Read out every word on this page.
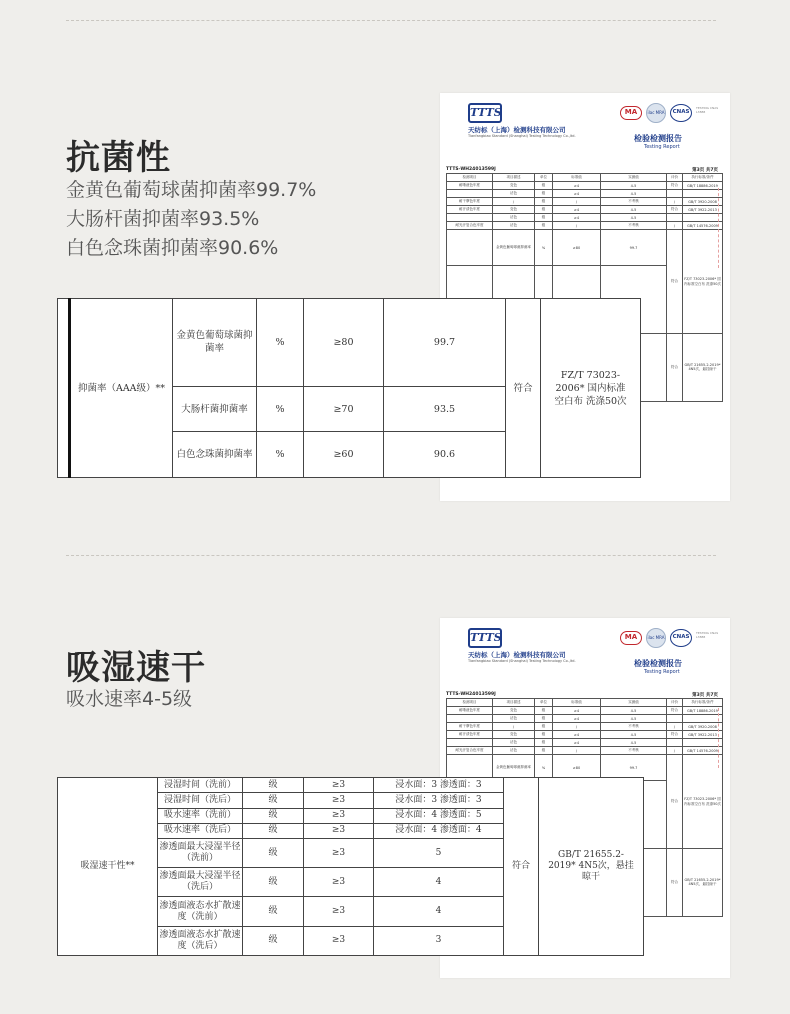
抗菌性
金黄色葡萄球菌抑菌率99.7%
大肠杆菌抑菌率93.5%
白色念珠菌抑菌率90.6%
TTTS
天纺标（上海）检测科技有限公司
Tianfangbiao Standard (Shanghai) Testing Technology Co.,ltd.
MA	ilac MRA	CNAS
TESTING CNAS L3888
检验检测报告
Testing Report
TTTS-WH24013599J	第3页 共7页
检测项目	项目描述	单位	标准值	实测值	评价	执行标准/条件
耐唾液色牢度	变色	级	≥4	4-5	符合	GB/T 18886-2019
	沾色	级	≥4	4-5		
耐干摩色牢度	/	级	/	不考核	/	GB/T 3920-2008
耐汗渍色牢度	变色	级	≥4	4-5	符合	GB/T 3922-2013
	沾色	级	≥4	4-5		
耐光汗复合色牢度	沾色	级	/	不考核	/	GB/T 14576-2009
	金黄色葡萄球菌抑菌率	%	≥80	99.7	符合	FZ/T 73023-2006* 国内标准空白布 洗涤50次

					符合	GB/T 21655.2-2019* 4N5次，悬挂晾干
	抑菌率（AAA级）**	金黄色葡萄球菌抑菌率	%	≥80	99.7	符合	FZ/T 73023-2006* 国内标准空白布 洗涤50次
		大肠杆菌抑菌率	%	≥70	93.5		
		白色念珠菌抑菌率	%	≥60	90.6		
吸湿速干
吸水速率4-5级
TTTS
天纺标（上海）检测科技有限公司
Tianfangbiao Standard (Shanghai) Testing Technology Co.,ltd.
MA	ilac MRA	CNAS
TESTING CNAS L3888
检验检测报告
Testing Report
TTTS-WH24013599J	第3页 共7页
检测项目	项目描述	单位	标准值	实测值	评价	执行标准/条件
耐唾液色牢度	变色	级	≥4	4-5	符合	GB/T 18886-2019
	沾色	级	≥4	4-5		
耐干摩色牢度	/	级	/	不考核	/	GB/T 3920-2008
耐汗渍色牢度	变色	级	≥4	4-5	符合	GB/T 3922-2013
	沾色	级	≥4	4-5		
耐光汗复合色牢度	沾色	级	/	不考核	/	GB/T 14576-2009
	金黄色葡萄球菌抑菌率	%	≥80	99.7	符合	FZ/T 73023-2006* 国内标准空白布 洗涤50次

					符合	GB/T 21655.2-2019* 4N5次，悬挂晾干
吸湿速干性**	浸湿时间（洗前）	级	≥3	浸水面：3 渗透面：3	符合	GB/T 21655.2-2019* 4N5次，悬挂晾干
	浸湿时间（洗后）	级	≥3	浸水面：3 渗透面：3		
	吸水速率（洗前）	级	≥3	浸水面：4 渗透面：5		
	吸水速率（洗后）	级	≥3	浸水面：4 渗透面：4		
	渗透面最大浸湿半径（洗前）	级	≥3	5		
	渗透面最大浸湿半径（洗后）	级	≥3	4		
	渗透面液态水扩散速度（洗前）	级	≥3	4		
	渗透面液态水扩散速度（洗后）	级	≥3	3		
